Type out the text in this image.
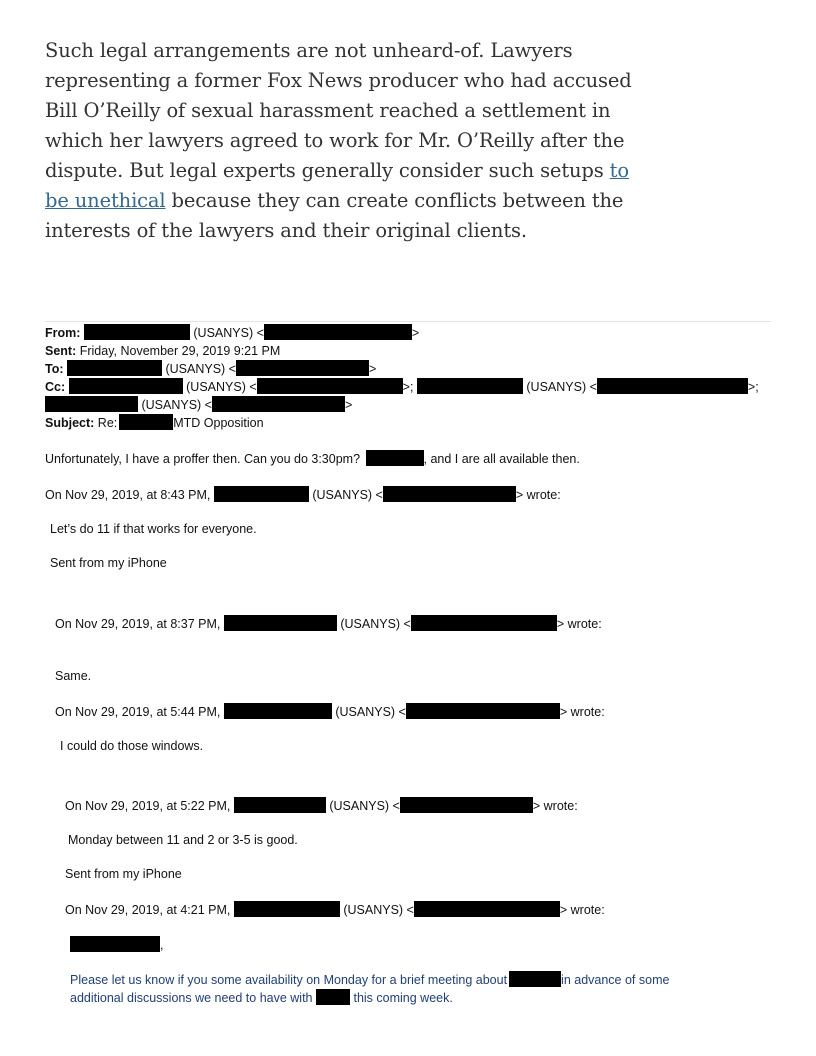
Such legal arrangements are not unheard-of. Lawyers representing a former Fox News producer who had accused Bill O’Reilly of sexual harassment reached a settlement in which her lawyers agreed to work for Mr. O’Reilly after the dispute. But legal experts generally consider such setups to be unethical because they can create conflicts between the interests of the lawyers and their original clients.
From:	(USANYS) <	>
Sent: Friday, November 29, 2019 9:21 PM
To:	(USANYS) <	>
Cc:	(USANYS) <	>;	(USANYS) <	>;
(USANYS) <	>
Subject: Re:	MTD Opposition
Unfortunately, I have a proffer then. Can you do 3:30pm?	, and I are all available then.
On Nov 29, 2019, at 8:43 PM,	(USANYS) <	> wrote:
Let’s do 11 if that works for everyone.
Sent from my iPhone
On Nov 29, 2019, at 8:37 PM,	(USANYS) <	> wrote:
Same.
On Nov 29, 2019, at 5:44 PM,	(USANYS) <	> wrote:
I could do those windows.
On Nov 29, 2019, at 5:22 PM,	(USANYS) <	> wrote:
Monday between 11 and 2 or 3-5 is good.
Sent from my iPhone
On Nov 29, 2019, at 4:21 PM,	(USANYS) <	> wrote:
,
Please let us know if you some availability on Monday for a brief meeting about	in advance of some
additional discussions we need to have with	this coming week.
